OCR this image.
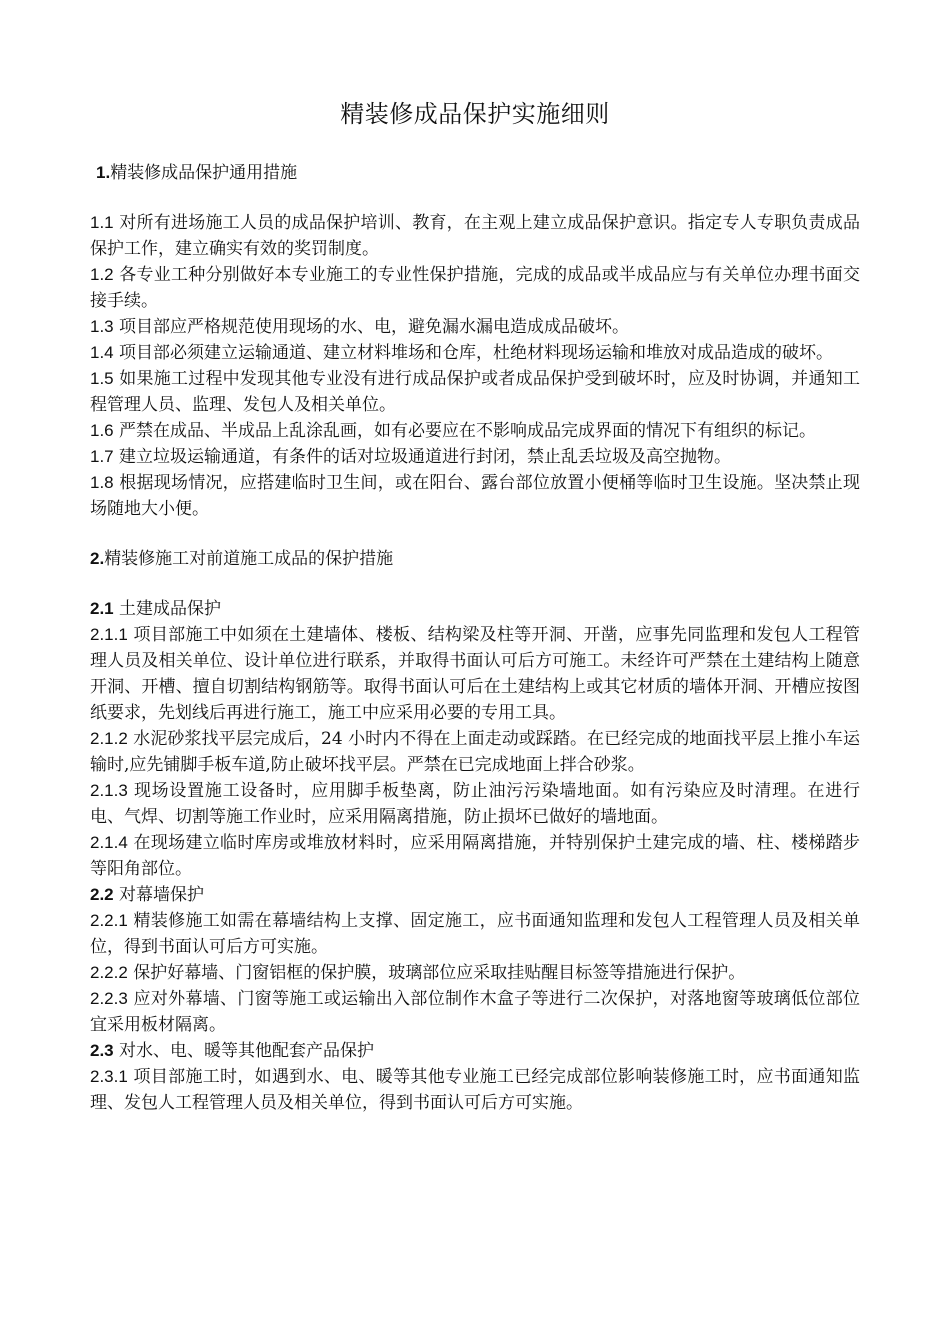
精装修成品保护实施细则

1.精装修成品保护通用措施

1.1 对所有进场施工人员的成品保护培训、教育，在主观上建立成品保护意识。指定专人专职负责成品保护工作，建立确实有效的奖罚制度。

1.2 各专业工种分别做好本专业施工的专业性保护措施，完成的成品或半成品应与有关单位办理书面交接手续。

1.3 项目部应严格规范使用现场的水、电，避免漏水漏电造成成品破坏。

1.4 项目部必须建立运输通道、建立材料堆场和仓库，杜绝材料现场运输和堆放对成品造成的破坏。

1.5 如果施工过程中发现其他专业没有进行成品保护或者成品保护受到破坏时，应及时协调，并通知工程管理人员、监理、发包人及相关单位。

1.6 严禁在成品、半成品上乱涂乱画，如有必要应在不影响成品完成界面的情况下有组织的标记。

1.7 建立垃圾运输通道，有条件的话对垃圾通道进行封闭，禁止乱丢垃圾及高空抛物。

1.8 根据现场情况，应搭建临时卫生间，或在阳台、露台部位放置小便桶等临时卫生设施。坚决禁止现场随地大小便。

2.精装修施工对前道施工成品的保护措施

2.1 土建成品保护

2.1.1 项目部施工中如须在土建墙体、楼板、结构梁及柱等开洞、开凿，应事先同监理和发包人工程管理人员及相关单位、设计单位进行联系，并取得书面认可后方可施工。未经许可严禁在土建结构上随意开洞、开槽、擅自切割结构钢筋等。取得书面认可后在土建结构上或其它材质的墙体开洞、开槽应按图纸要求，先划线后再进行施工，施工中应采用必要的专用工具。

2.1.2 水泥砂浆找平层完成后，24 小时内不得在上面走动或踩踏。在已经完成的地面找平层上推小车运输时,应先铺脚手板车道,防止破坏找平层。严禁在已完成地面上拌合砂浆。

2.1.3 现场设置施工设备时，应用脚手板垫离，防止油污污染墙地面。如有污染应及时清理。在进行电、气焊、切割等施工作业时，应采用隔离措施，防止损坏已做好的墙地面。

2.1.4 在现场建立临时库房或堆放材料时，应采用隔离措施，并特别保护土建完成的墙、柱、楼梯踏步等阳角部位。

2.2 对幕墙保护

2.2.1 精装修施工如需在幕墙结构上支撑、固定施工，应书面通知监理和发包人工程管理人员及相关单位，得到书面认可后方可实施。

2.2.2 保护好幕墙、门窗铝框的保护膜，玻璃部位应采取挂贴醒目标签等措施进行保护。

2.2.3 应对外幕墙、门窗等施工或运输出入部位制作木盒子等进行二次保护，对落地窗等玻璃低位部位宜采用板材隔离。

2.3 对水、电、暖等其他配套产品保护

2.3.1 项目部施工时，如遇到水、电、暖等其他专业施工已经完成部位影响装修施工时，应书面通知监理、发包人工程管理人员及相关单位，得到书面认可后方可实施。
